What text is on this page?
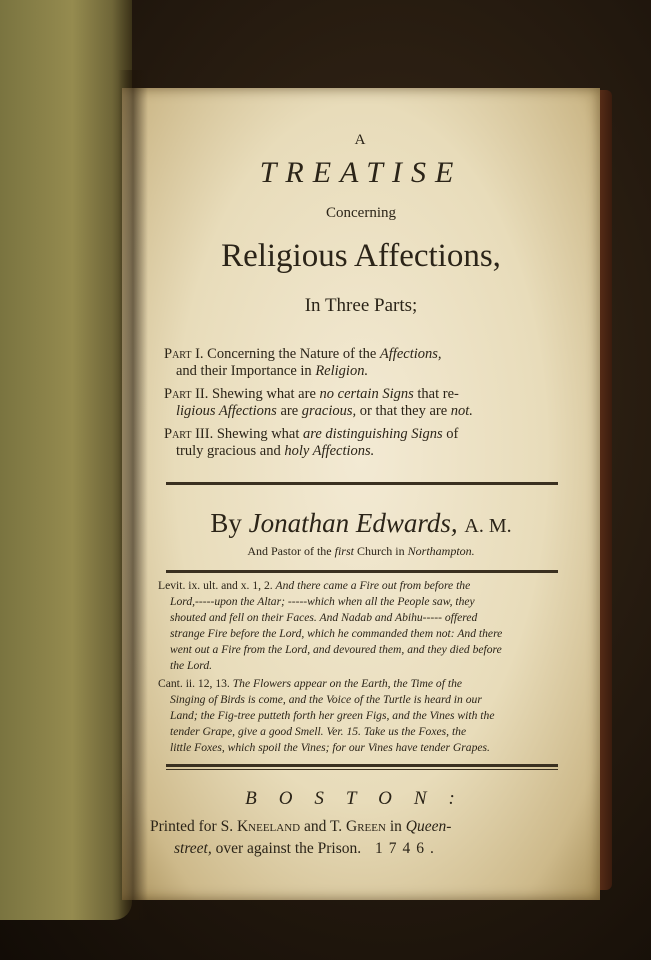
A
TREATISE
Concerning
Religious Affections,
In Three Parts;
Part I. Concerning the Nature of the Affections,
and their Importance in Religion.
Part II. Shewing what are no certain Signs that re-
ligious Affections are gracious, or that they are not.
Part III. Shewing what are distinguishing Signs of
truly gracious and holy Affections.
By Jonathan Edwards, A. M.
And Pastor of the first Church in Northampton.
Levit. ix. ult. and x. 1, 2. And there came a Fire out from before the
Lord,-----upon the Altar; -----which when all the People saw, they
shouted and fell on their Faces. And Nadab and Abihu----- offered
strange Fire before the Lord, which he commanded them not: And there
went out a Fire from the Lord, and devoured them, and they died before
the Lord.
Cant. ii. 12, 13. The Flowers appear on the Earth, the Time of the
Singing of Birds is come, and the Voice of the Turtle is heard in our
Land; the Fig-tree putteth forth her green Figs, and the Vines with the
tender Grape, give a good Smell. Ver. 15. Take us the Foxes, the
little Foxes, which spoil the Vines; for our Vines have tender Grapes.
BOSTON:
Printed for S. Kneeland and T. Green in Queen-
street, over against the Prison. 1746.
